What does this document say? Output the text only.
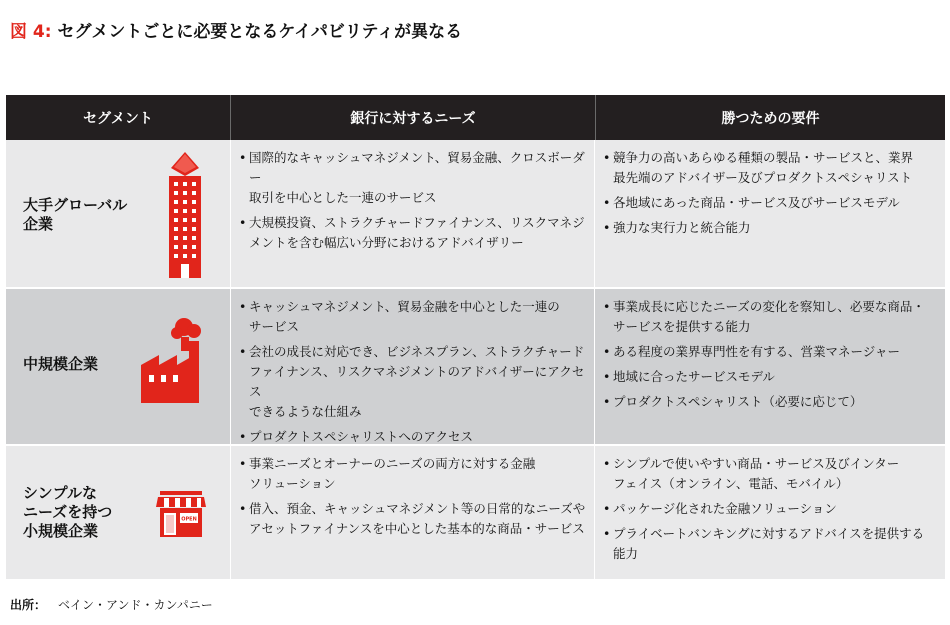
図 4: セグメントごとに必要となるケイパビリティが異なる
セグメント	銀行に対するニーズ	勝つための要件
大手グローバル
企業
• 国際的なキャッシュマネジメント、貿易金融、クロスボーダー
取引を中心とした一連のサービス
• 大規模投資、ストラクチャードファイナンス、リスクマネジ
メントを含む幅広い分野におけるアドバイザリー
• 競争力の高いあらゆる種類の製品・サービスと、業界
最先端のアドバイザー及びプロダクトスペシャリスト
• 各地域にあった商品・サービス及びサービスモデル
• 強力な実行力と統合能力
中規模企業
• キャッシュマネジメント、貿易金融を中心とした一連の
サービス
• 会社の成長に対応でき、ビジネスプラン、ストラクチャード
ファイナンス、リスクマネジメントのアドバイザーにアクセス
できるような仕組み
• プロダクトスペシャリストへのアクセス
• 事業成長に応じたニーズの変化を察知し、必要な商品・
サービスを提供する能力
• ある程度の業界専門性を有する、営業マネージャー
• 地域に合ったサービスモデル
• プロダクトスペシャリスト（必要に応じて）
シンプルな
ニーズを持つ
小規模企業
OPEN
• 事業ニーズとオーナーのニーズの両方に対する金融
ソリューション
• 借入、預金、キャッシュマネジメント等の日常的なニーズや
アセットファイナンスを中心とした基本的な商品・サービス
• シンプルで使いやすい商品・サービス及びインター
フェイス（オンライン、電話、モバイル）
• パッケージ化された金融ソリューション
• プライベートバンキングに対するアドバイスを提供する
能力
出所： ベイン・アンド・カンパニー
